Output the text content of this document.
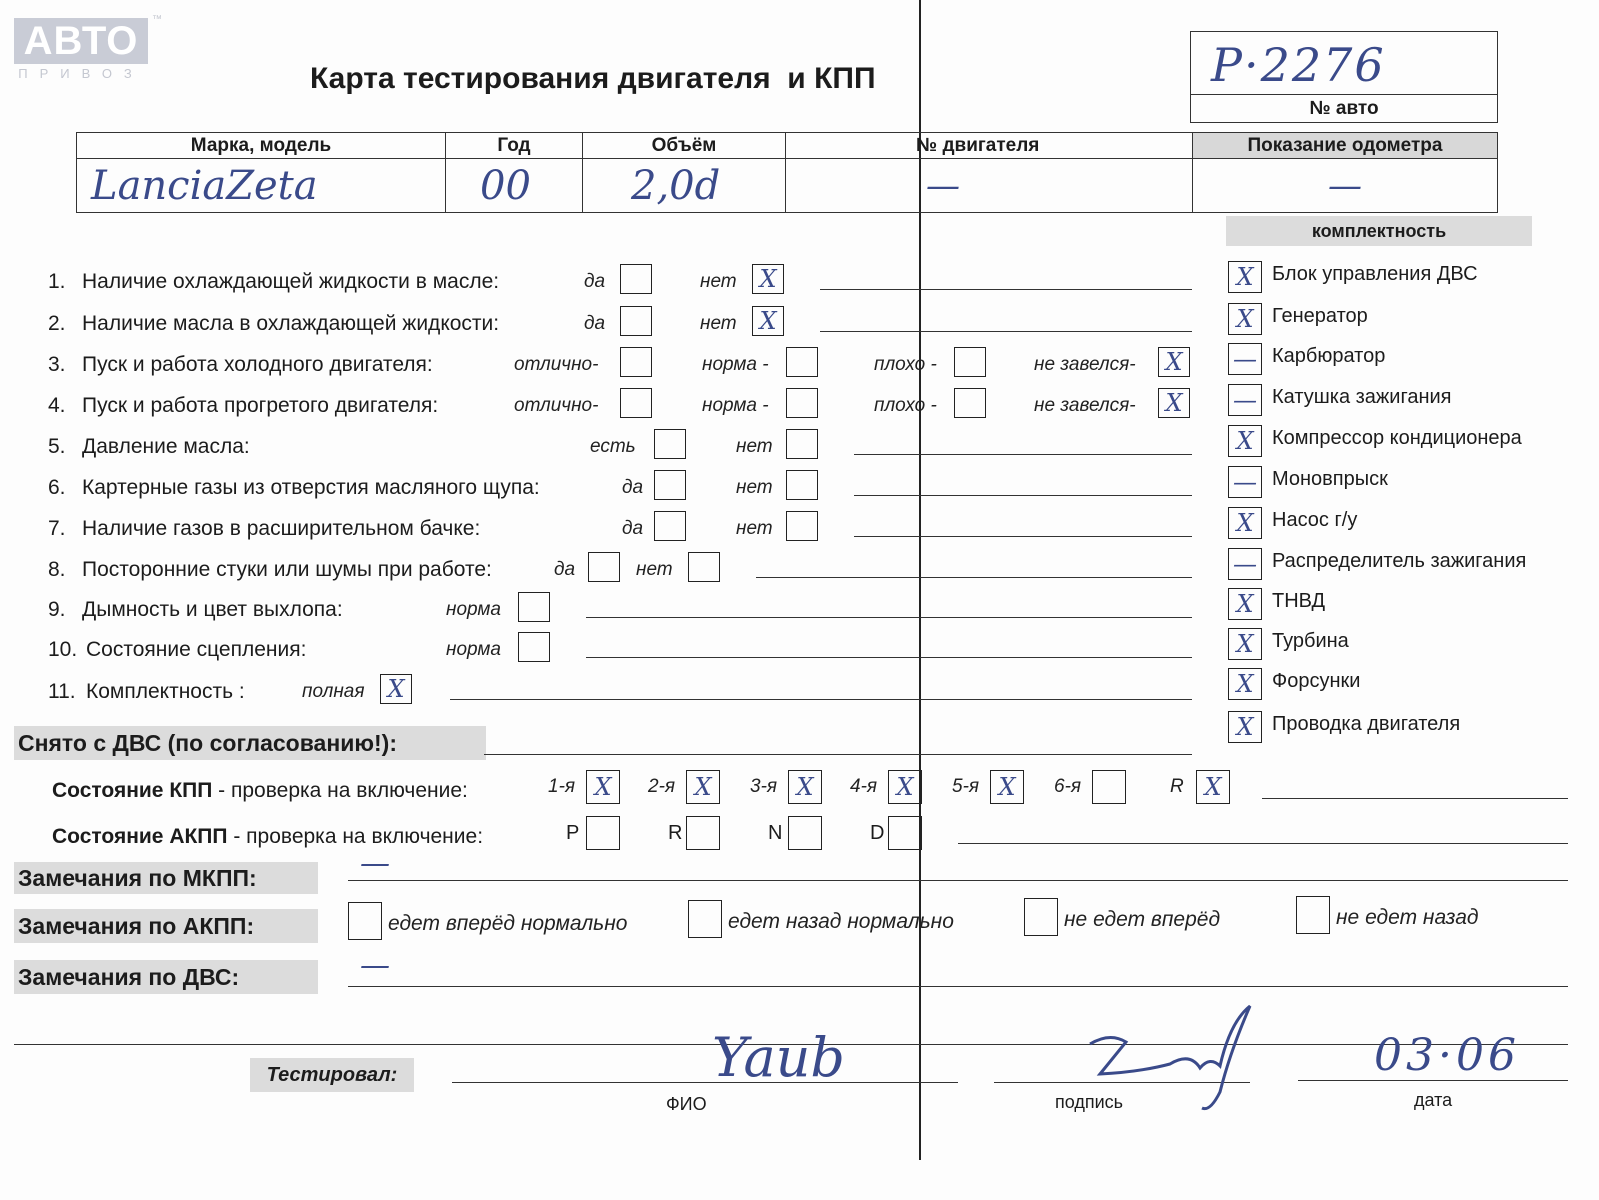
АВТО
ПРИВОЗ
™
Карта тестирования двигателя  и КПП	P·2276
№ авто
Марка, модель	Год	Объём	№ двигателя	Показание одометра

LanciaZeta	00	2,0d	—	—
комплектность
X Блок управления ДВС
X Генератор
— Карбюратор
— Катушка зажигания
X Компрессор кондиционера
— Моновпрыск
X Насос г/у
— Распределитель зажигания
X ТНВД
X Турбина
X Форсунки
X Проводка двигателя
1. Наличие охлаждающей жидкости в масле:	да	нет X
2. Наличие масла в охлаждающей жидкости:	да	нет X
3. Пуск и работа холодного двигателя:	отлично-	норма -	плохо -	не завелся- X
4. Пуск и работа прогретого двигателя:	отлично-	норма -	плохо -	не завелся- X
5. Давление масла:	есть	нет
6. Картерные газы из отверстия масляного щупа:	да	нет
7. Наличие газов в расширительном бачке:	да	нет
8. Посторонние стуки или шумы при работе:	да	нет
9. Дымность и цвет выхлопа:	норма
10. Состояние сцепления:	норма
11. Комплектность :	полная X
Снято с ДВС (по согласованию!):
Состояние КПП - проверка на включение:	1-я X	2-я X	3-я X	4-я X	5-я X	6-я	R X
Состояние АКПП - проверка на включение:	P	R	N	D
Замечания по МКПП:	—
Замечания по АКПП:	едет вперёд нормально	едет назад нормально	не едет вперёд	не едет назад
Замечания по ДВС:	—
Тестировал:	Yaub
ФИО	подпись
03·06
дата
